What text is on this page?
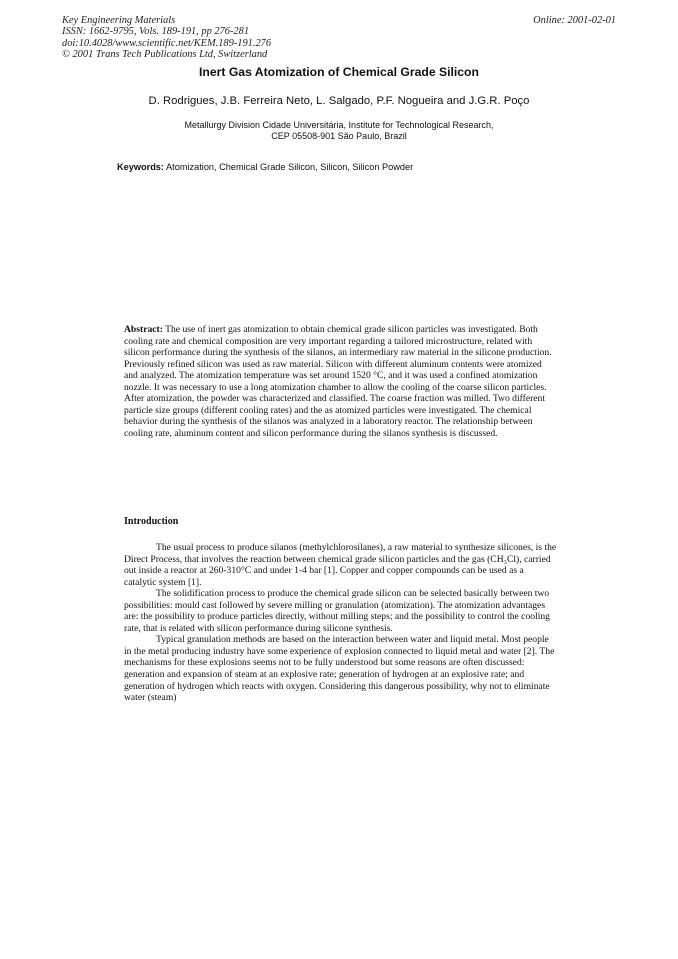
Key Engineering Materials
ISSN: 1662-9795, Vols. 189-191, pp 276-281
doi:10.4028/www.scientific.net/KEM.189-191.276
© 2001 Trans Tech Publications Ltd, Switzerland
Online: 2001-02-01
Inert Gas Atomization of Chemical Grade Silicon
D. Rodrigues, J.B. Ferreira Neto, L. Salgado, P.F. Nogueira and J.G.R. Poço
Metallurgy Division Cidade Universitária, Institute for Technological Research,
CEP 05508-901 São Paulo, Brazil
Keywords: Atomization, Chemical Grade Silicon, Silicon, Silicon Powder
Abstract: The use of inert gas atomization to obtain chemical grade silicon particles was investigated. Both cooling rate and chemical composition are very important regarding a tailored microstructure, related with silicon performance during the synthesis of the silanos, an intermediary raw material in the silicone production. Previously refined silicon was used as raw material. Silicon with different aluminum contents were atomized and analyzed. The atomization temperature was set around 1520 °C, and it was used a confined atomization nozzle. It was necessary to use a long atomization chamber to allow the cooling of the coarse silicon particles. After atomization, the powder was characterized and classified. The coarse fraction was milled. Two different particle size groups (different cooling rates) and the as atomized particles were investigated. The chemical behavior during the synthesis of the silanos was analyzed in a laboratory reactor. The relationship between cooling rate, aluminum content and silicon performance during the silanos synthesis is discussed.
Introduction

The usual process to produce silanos (methylchlorosilanes), a raw material to synthesize silicones, is the Direct Process, that involves the reaction between chemical grade silicon particles and the gas (CH₃Cl), carried out inside a reactor at 260-310°C and under 1-4 bar [1]. Copper and copper compounds can be used as a catalytic system [1].

The solidification process to produce the chemical grade silicon can be selected basically between two possibilities: mould cast followed by severe milling or granulation (atomization). The atomization advantages are: the possibility to produce particles directly, without milling steps; and the possibility to control the cooling rate, that is related with silicon performance during silicone synthesis.

Typical granulation methods are based on the interaction between water and liquid metal. Most people in the metal producing industry have some experience of explosion connected to liquid metal and water [2]. The mechanisms for these explosions seems not to be fully understood but some reasons are often discussed: generation and expansion of steam at an explosive rate; generation of hydrogen at an explosive rate; and generation of hydrogen which reacts with oxygen. Considering this dangerous possibility, why not to eliminate water (steam)
